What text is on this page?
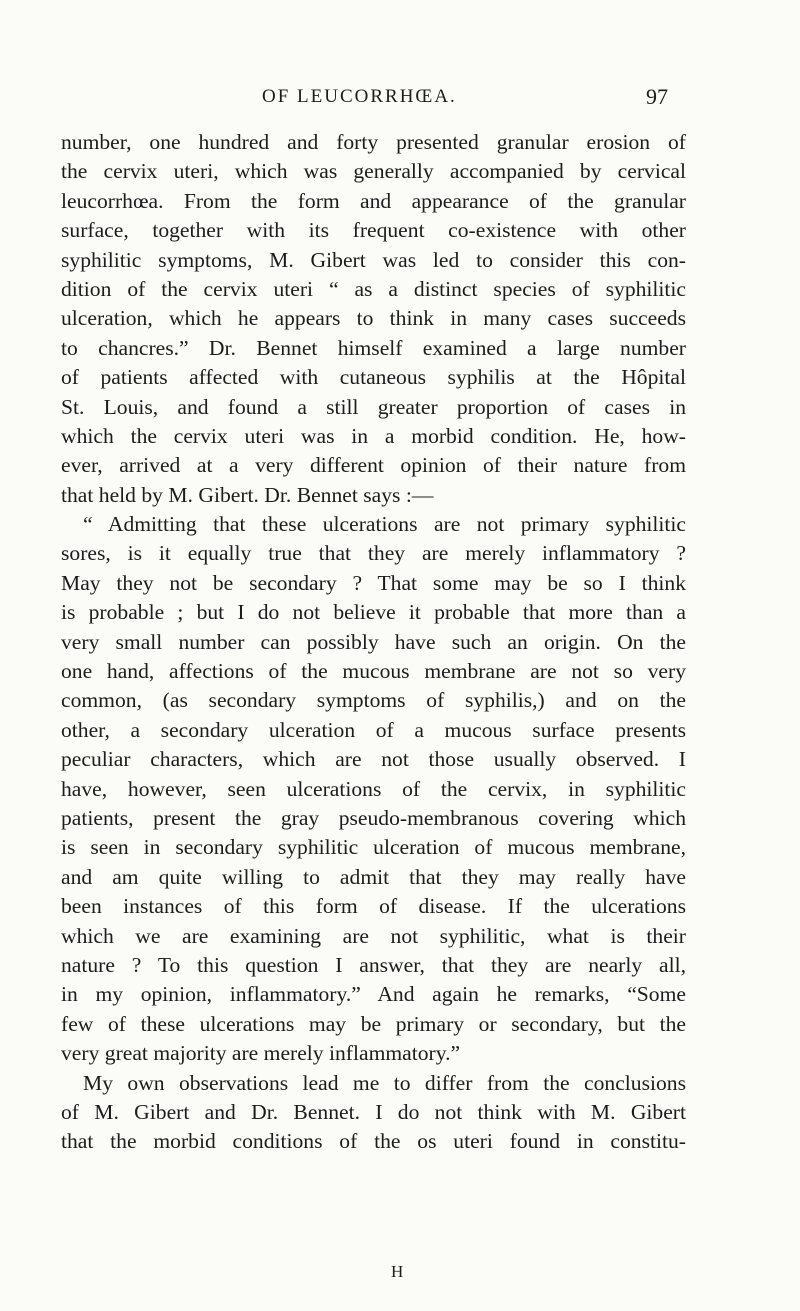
OF LEUCORRHŒA.	97
number, one hundred and forty presented granular erosion of
the cervix uteri, which was generally accompanied by cervical
leucorrhœa. From the form and appearance of the granular
surface, together with its frequent co-existence with other
syphilitic symptoms, M. Gibert was led to consider this con-
dition of the cervix uteri “ as a distinct species of syphilitic
ulceration, which he appears to think in many cases succeeds
to chancres.” Dr. Bennet himself examined a large number
of patients affected with cutaneous syphilis at the Hôpital
St. Louis, and found a still greater proportion of cases in
which the cervix uteri was in a morbid condition. He, how-
ever, arrived at a very different opinion of their nature from
that held by M. Gibert. Dr. Bennet says :—
“ Admitting that these ulcerations are not primary syphilitic
sores, is it equally true that they are merely inflammatory ?
May they not be secondary ? That some may be so I think
is probable ; but I do not believe it probable that more than a
very small number can possibly have such an origin. On the
one hand, affections of the mucous membrane are not so very
common, (as secondary symptoms of syphilis,) and on the
other, a secondary ulceration of a mucous surface presents
peculiar characters, which are not those usually observed. I
have, however, seen ulcerations of the cervix, in syphilitic
patients, present the gray pseudo-membranous covering which
is seen in secondary syphilitic ulceration of mucous membrane,
and am quite willing to admit that they may really have
been instances of this form of disease. If the ulcerations
which we are examining are not syphilitic, what is their
nature ? To this question I answer, that they are nearly all,
in my opinion, inflammatory.” And again he remarks, “Some
few of these ulcerations may be primary or secondary, but the
very great majority are merely inflammatory.”
My own observations lead me to differ from the conclusions
of M. Gibert and Dr. Bennet. I do not think with M. Gibert
that the morbid conditions of the os uteri found in constitu-
H
